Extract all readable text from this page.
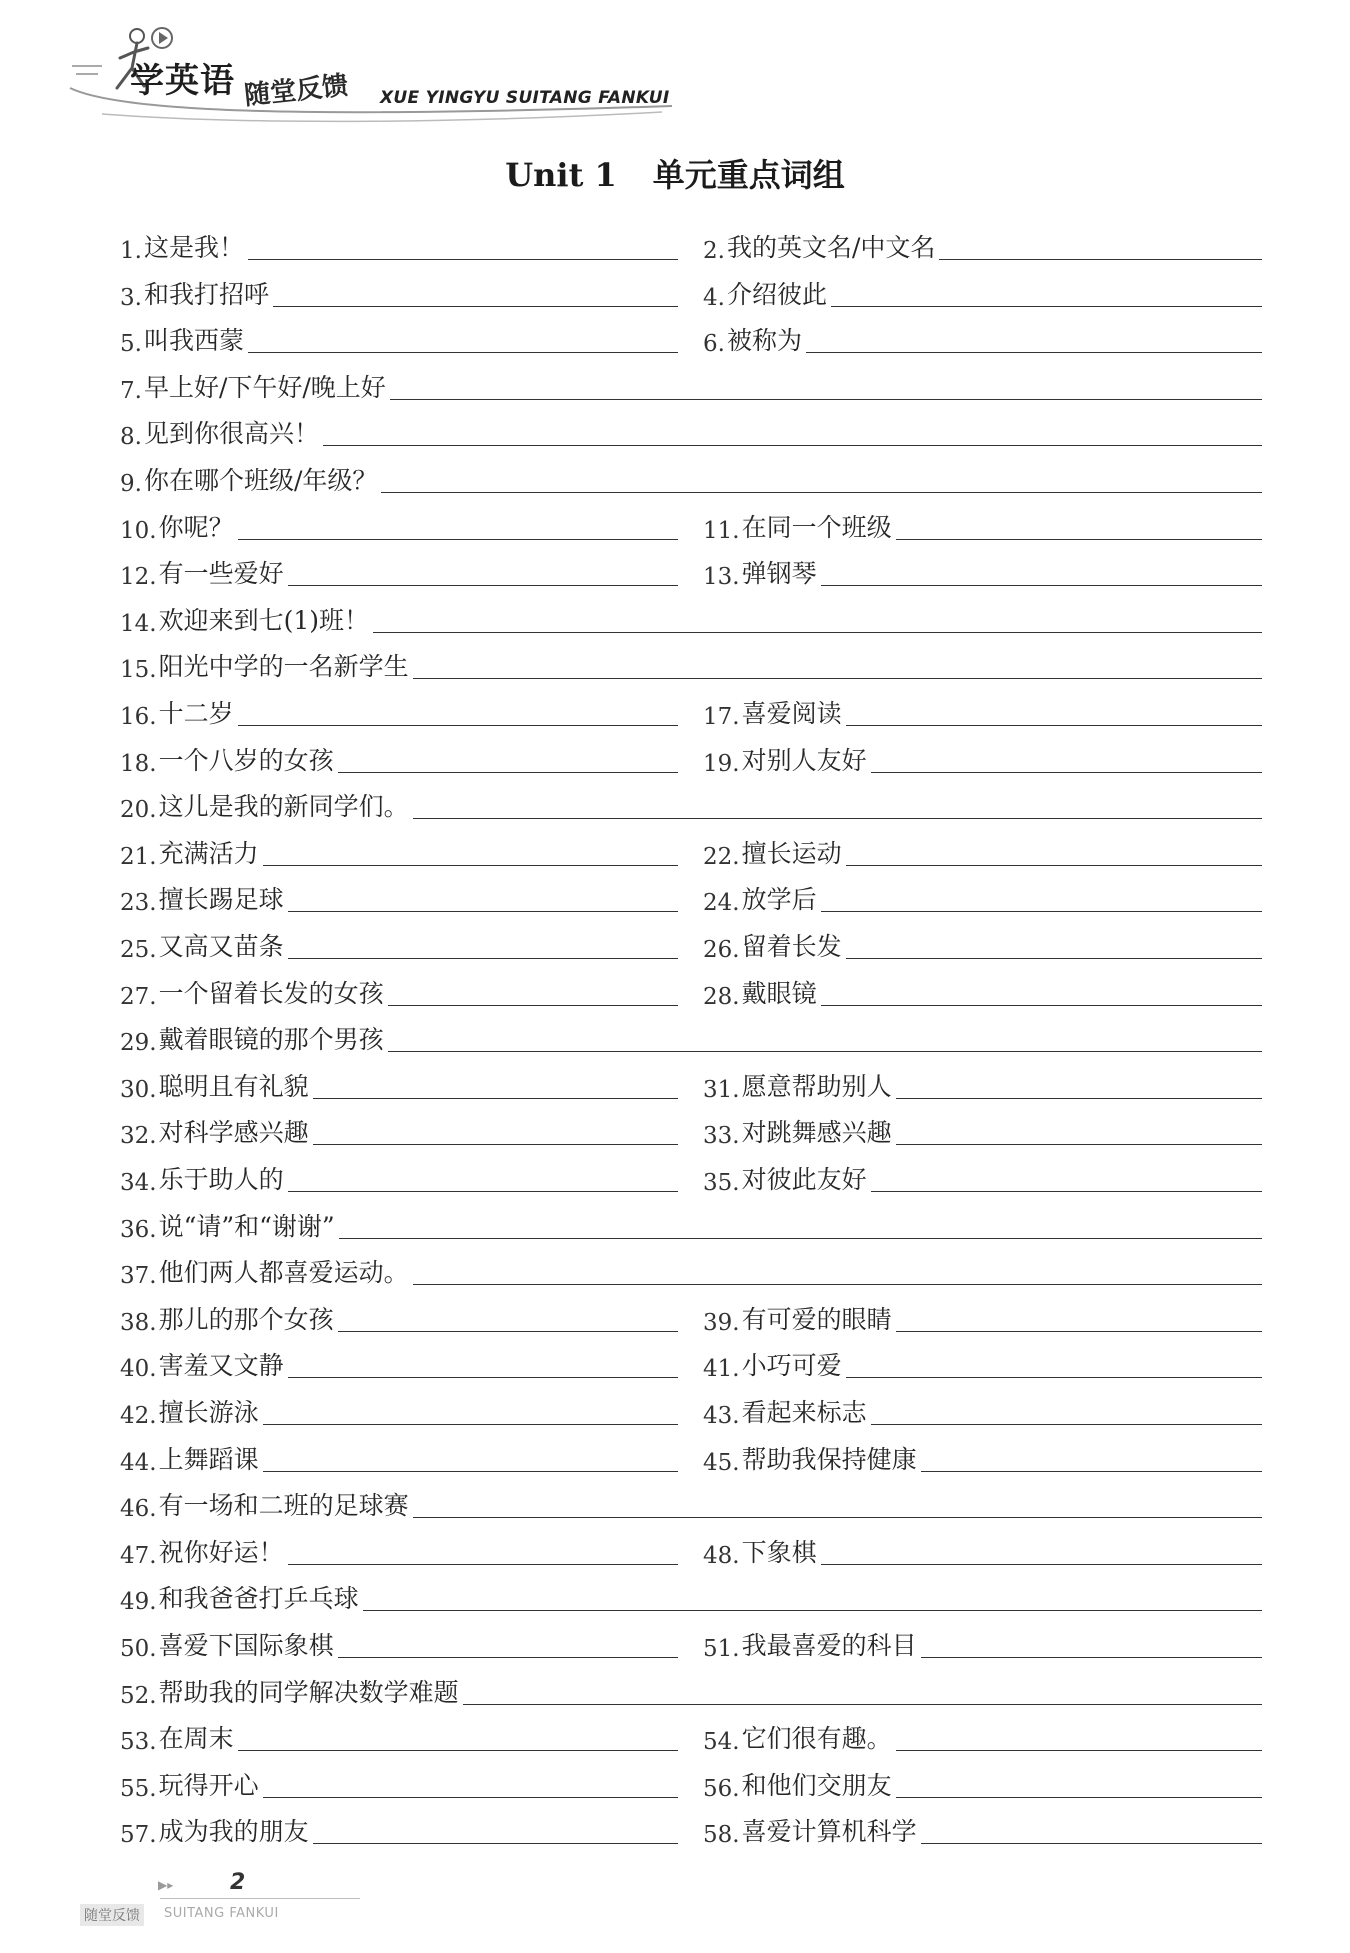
学英语 随堂反馈 XUE YINGYU SUITANG FANKUI
Unit 1 单元重点词组
1. 这是我！	2. 我的英文名/中文名
3. 和我打招呼	4. 介绍彼此
5. 叫我西蒙	6. 被称为
7. 早上好/下午好/晚上好
8. 见到你很高兴！
9. 你在哪个班级/年级？
10. 你呢？	11. 在同一个班级
12. 有一些爱好	13. 弹钢琴
14. 欢迎来到七(1)班！
15. 阳光中学的一名新学生
16. 十二岁	17. 喜爱阅读
18. 一个八岁的女孩	19. 对别人友好
20. 这儿是我的新同学们。
21. 充满活力	22. 擅长运动
23. 擅长踢足球	24. 放学后
25. 又高又苗条	26. 留着长发
27. 一个留着长发的女孩	28. 戴眼镜
29. 戴着眼镜的那个男孩
30. 聪明且有礼貌	31. 愿意帮助别人
32. 对科学感兴趣	33. 对跳舞感兴趣
34. 乐于助人的	35. 对彼此友好
36. 说“请”和“谢谢”
37. 他们两人都喜爱运动。
38. 那儿的那个女孩	39. 有可爱的眼睛
40. 害羞又文静	41. 小巧可爱
42. 擅长游泳	43. 看起来标志
44. 上舞蹈课	45. 帮助我保持健康
46. 有一场和二班的足球赛
47. 祝你好运！	48. 下象棋
49. 和我爸爸打乒乓球
50. 喜爱下国际象棋	51. 我最喜爱的科目
52. 帮助我的同学解决数学难题
53. 在周末	54. 它们很有趣。
55. 玩得开心	56. 和他们交朋友
57. 成为我的朋友	58. 喜爱计算机科学
▶▸	2
随堂反馈	SUITANG FANKUI
